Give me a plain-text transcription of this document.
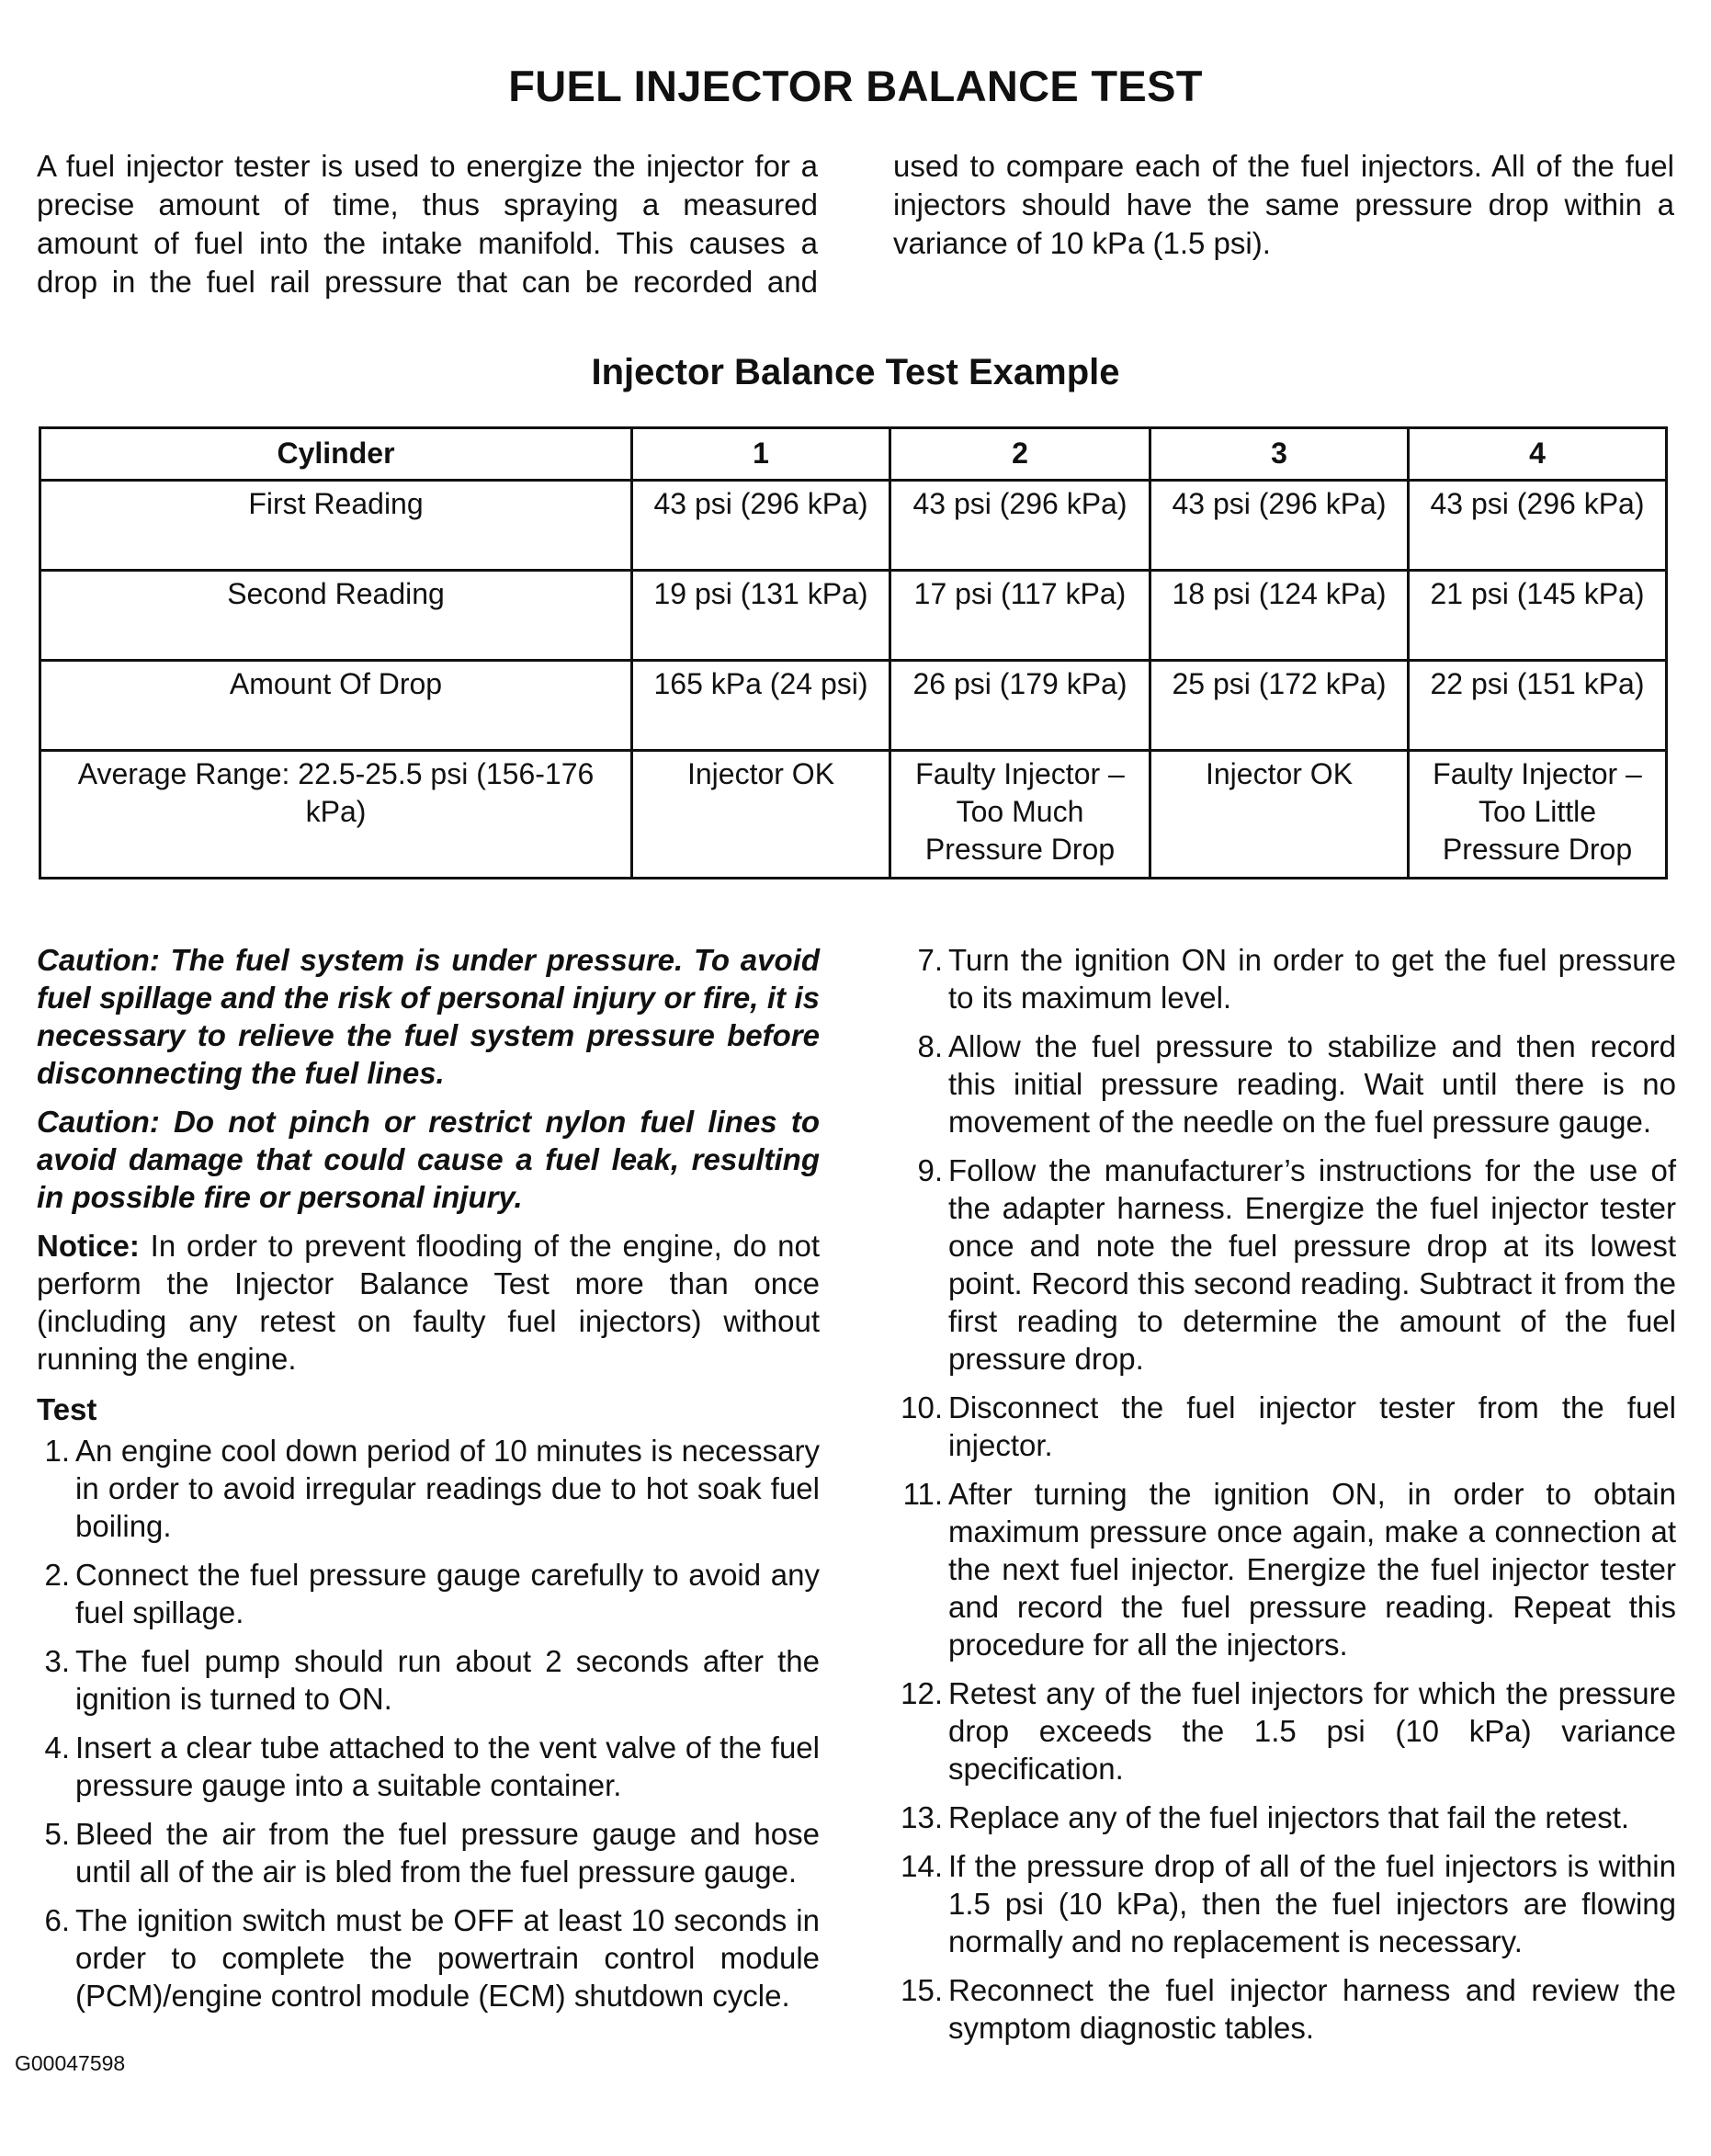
FUEL INJECTOR BALANCE TEST

A fuel injector tester is used to energize the injector for a precise amount of time, thus spraying a measured amount of fuel into the intake manifold. This causes a drop in the fuel rail pressure that can be recorded and used to compare each of the fuel injectors. All of the fuel injectors should have the same pressure drop within a variance of 10 kPa (1.5 psi).

Injector Balance Test Example
Cylinder	1	2	3	4
First Reading	43 psi (296 kPa)	43 psi (296 kPa)	43 psi (296 kPa)	43 psi (296 kPa)
Second Reading	19 psi (131 kPa)	17 psi (117 kPa)	18 psi (124 kPa)	21 psi (145 kPa)
Amount Of Drop	165 kPa (24 psi)	26 psi (179 kPa)	25 psi (172 kPa)	22 psi (151 kPa)
Average Range: 22.5-25.5 psi (156-176 kPa)	Injector OK	Faulty Injector – Too Much Pressure Drop	Injector OK	Faulty Injector – Too Little Pressure Drop

Caution: The fuel system is under pressure. To avoid fuel spillage and the risk of personal injury or fire, it is necessary to relieve the fuel system pressure before disconnecting the fuel lines.

Caution: Do not pinch or restrict nylon fuel lines to avoid damage that could cause a fuel leak, resulting in possible fire or personal injury.

Notice: In order to prevent flooding of the engine, do not perform the Injector Balance Test more than once (including any retest on faulty fuel injectors) without running the engine.

Test
1. An engine cool down period of 10 minutes is necessary in order to avoid irregular readings due to hot soak fuel boiling.
2. Connect the fuel pressure gauge carefully to avoid any fuel spillage.
3. The fuel pump should run about 2 seconds after the ignition is turned to ON.
4. Insert a clear tube attached to the vent valve of the fuel pressure gauge into a suitable container.
5. Bleed the air from the fuel pressure gauge and hose until all of the air is bled from the fuel pressure gauge.
6. The ignition switch must be OFF at least 10 seconds in order to complete the powertrain control module (PCM)/engine control module (ECM) shutdown cycle.
7. Turn the ignition ON in order to get the fuel pressure to its maximum level.
8. Allow the fuel pressure to stabilize and then record this initial pressure reading. Wait until there is no movement of the needle on the fuel pressure gauge.
9. Follow the manufacturer’s instructions for the use of the adapter harness. Energize the fuel injector tester once and note the fuel pressure drop at its lowest point. Record this second reading. Subtract it from the first reading to determine the amount of the fuel pressure drop.
10. Disconnect the fuel injector tester from the fuel injector.
11. After turning the ignition ON, in order to obtain maximum pressure once again, make a connection at the next fuel injector. Energize the fuel injector tester and record the fuel pressure reading. Repeat this procedure for all the injectors.
12. Retest any of the fuel injectors for which the pressure drop exceeds the 1.5 psi (10 kPa) variance specification.
13. Replace any of the fuel injectors that fail the retest.
14. If the pressure drop of all of the fuel injectors is within 1.5 psi (10 kPa), then the fuel injectors are flowing normally and no replacement is necessary.
15. Reconnect the fuel injector harness and review the symptom diagnostic tables.
G00047598
